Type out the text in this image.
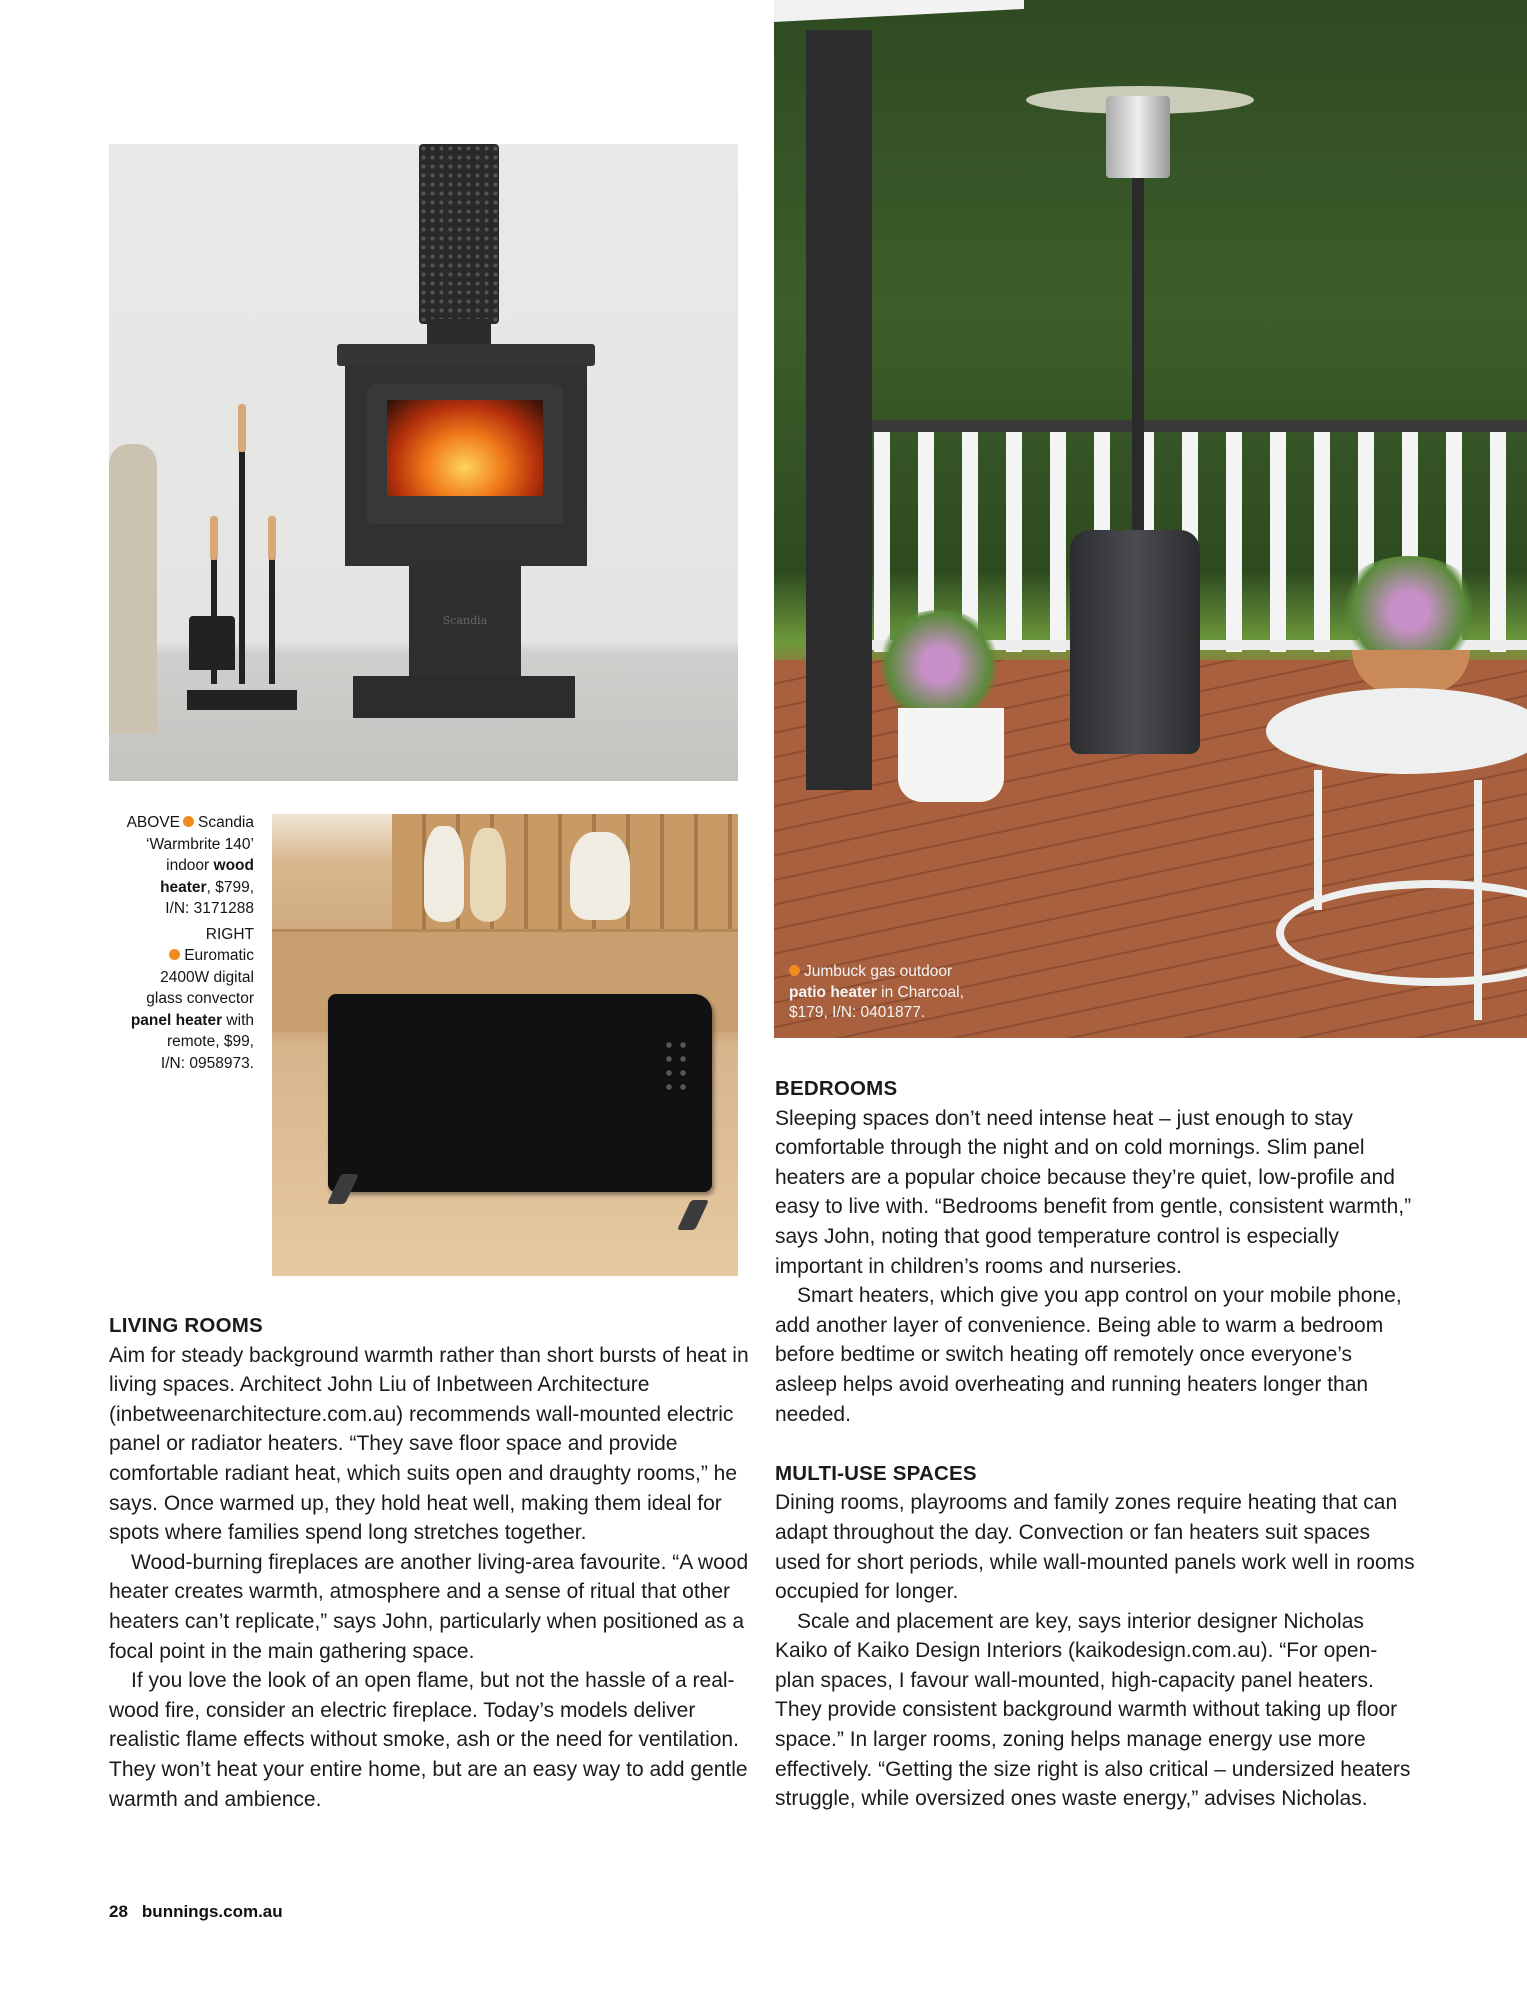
Scandia
ABOVE Scandia
‘Warmbrite 140’
indoor wood
heater, $799,
I/N: 3171288
RIGHT
Euromatic
2400W digital
glass convector
panel heater with
remote, $99,
I/N: 0958973.
Jumbuck gas outdoor
patio heater in Charcoal,
$179, I/N: 0401877.
LIVING ROOMS

Aim for steady background warmth rather than short bursts of heat in living spaces. Architect John Liu of Inbetween Architecture (inbetweenarchitecture.com.au) recommends wall-mounted electric panel or radiator heaters. “They save floor space and provide comfortable radiant heat, which suits open and draughty rooms,” he says. Once warmed up, they hold heat well, making them ideal for spots where families spend long stretches together.

Wood-burning fireplaces are another living-area favourite. “A wood heater creates warmth, atmosphere and a sense of ritual that other heaters can’t replicate,” says John, particularly when positioned as a focal point in the main gathering space.

If you love the look of an open flame, but not the hassle of a real-wood fire, consider an electric fireplace. Today’s models deliver realistic flame effects without smoke, ash or the need for ventilation. They won’t heat your entire home, but are an easy way to add gentle warmth and ambience.

BEDROOMS

Sleeping spaces don’t need intense heat – just enough to stay comfortable through the night and on cold mornings. Slim panel heaters are a popular choice because they’re quiet, low-profile and easy to live with. “Bedrooms benefit from gentle, consistent warmth,” says John, noting that good temperature control is especially important in children’s rooms and nurseries.

Smart heaters, which give you app control on your mobile phone, add another layer of convenience. Being able to warm a bedroom before bedtime or switch heating off remotely once everyone’s asleep helps avoid overheating and running heaters longer than needed.

MULTI-USE SPACES

Dining rooms, playrooms and family zones require heating that can adapt throughout the day. Convection or fan heaters suit spaces used for short periods, while wall-mounted panels work well in rooms occupied for longer.

Scale and placement are key, says interior designer Nicholas Kaiko of Kaiko Design Interiors (kaikodesign.com.au). “For open-plan spaces, I favour wall-mounted, high-capacity panel heaters. They provide consistent background warmth without taking up floor space.” In larger rooms, zoning helps manage energy use more effectively. “Getting the size right is also critical – undersized heaters struggle, while oversized ones waste energy,” advises Nicholas.

28 bunnings.com.au
